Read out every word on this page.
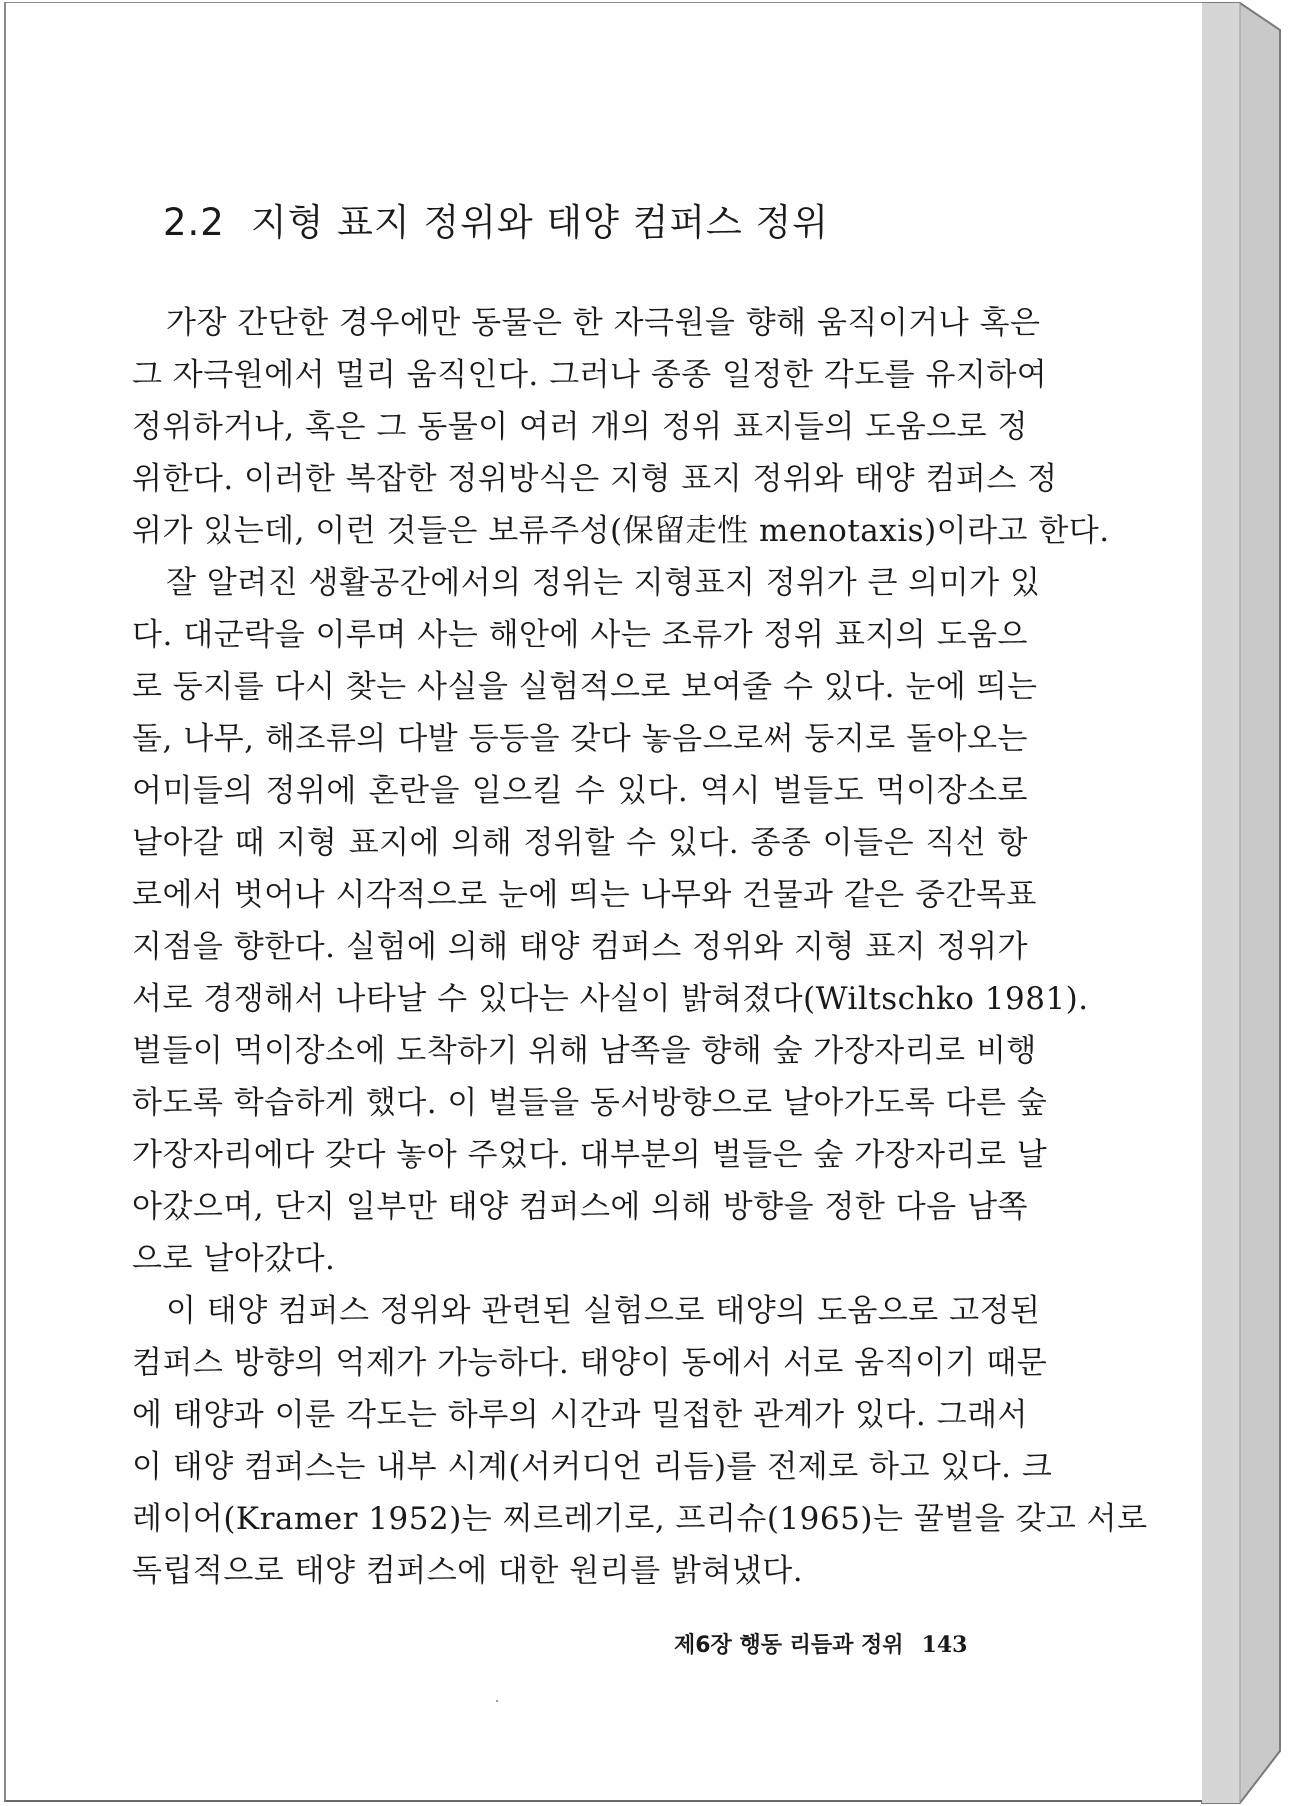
2.2 지형 표지 정위와 태양 컴퍼스 정위

가장 간단한 경우에만 동물은 한 자극원을 향해 움직이거나 혹은
그 자극원에서 멀리 움직인다. 그러나 종종 일정한 각도를 유지하여
정위하거나, 혹은 그 동물이 여러 개의 정위 표지들의 도움으로 정
위한다. 이러한 복잡한 정위방식은 지형 표지 정위와 태양 컴퍼스 정
위가 있는데, 이런 것들은 보류주성(保留走性 menotaxis)이라고 한다.

잘 알려진 생활공간에서의 정위는 지형표지 정위가 큰 의미가 있
다. 대군락을 이루며 사는 해안에 사는 조류가 정위 표지의 도움으
로 둥지를 다시 찾는 사실을 실험적으로 보여줄 수 있다. 눈에 띄는
돌, 나무, 해조류의 다발 등등을 갖다 놓음으로써 둥지로 돌아오는
어미들의 정위에 혼란을 일으킬 수 있다. 역시 벌들도 먹이장소로
날아갈 때 지형 표지에 의해 정위할 수 있다. 종종 이들은 직선 항
로에서 벗어나 시각적으로 눈에 띄는 나무와 건물과 같은 중간목표
지점을 향한다. 실험에 의해 태양 컴퍼스 정위와 지형 표지 정위가
서로 경쟁해서 나타날 수 있다는 사실이 밝혀졌다(Wiltschko 1981).
벌들이 먹이장소에 도착하기 위해 남쪽을 향해 숲 가장자리로 비행
하도록 학습하게 했다. 이 벌들을 동서방향으로 날아가도록 다른 숲
가장자리에다 갖다 놓아 주었다. 대부분의 벌들은 숲 가장자리로 날
아갔으며, 단지 일부만 태양 컴퍼스에 의해 방향을 정한 다음 남쪽
으로 날아갔다.

이 태양 컴퍼스 정위와 관련된 실험으로 태양의 도움으로 고정된
컴퍼스 방향의 억제가 가능하다. 태양이 동에서 서로 움직이기 때문
에 태양과 이룬 각도는 하루의 시간과 밀접한 관계가 있다. 그래서
이 태양 컴퍼스는 내부 시계(서커디언 리듬)를 전제로 하고 있다. 크
레이어(Kramer 1952)는 찌르레기로, 프리슈(1965)는 꿀벌을 갖고 서로
독립적으로 태양 컴퍼스에 대한 원리를 밝혀냈다.

제6장 행동 리듬과 정위 143
